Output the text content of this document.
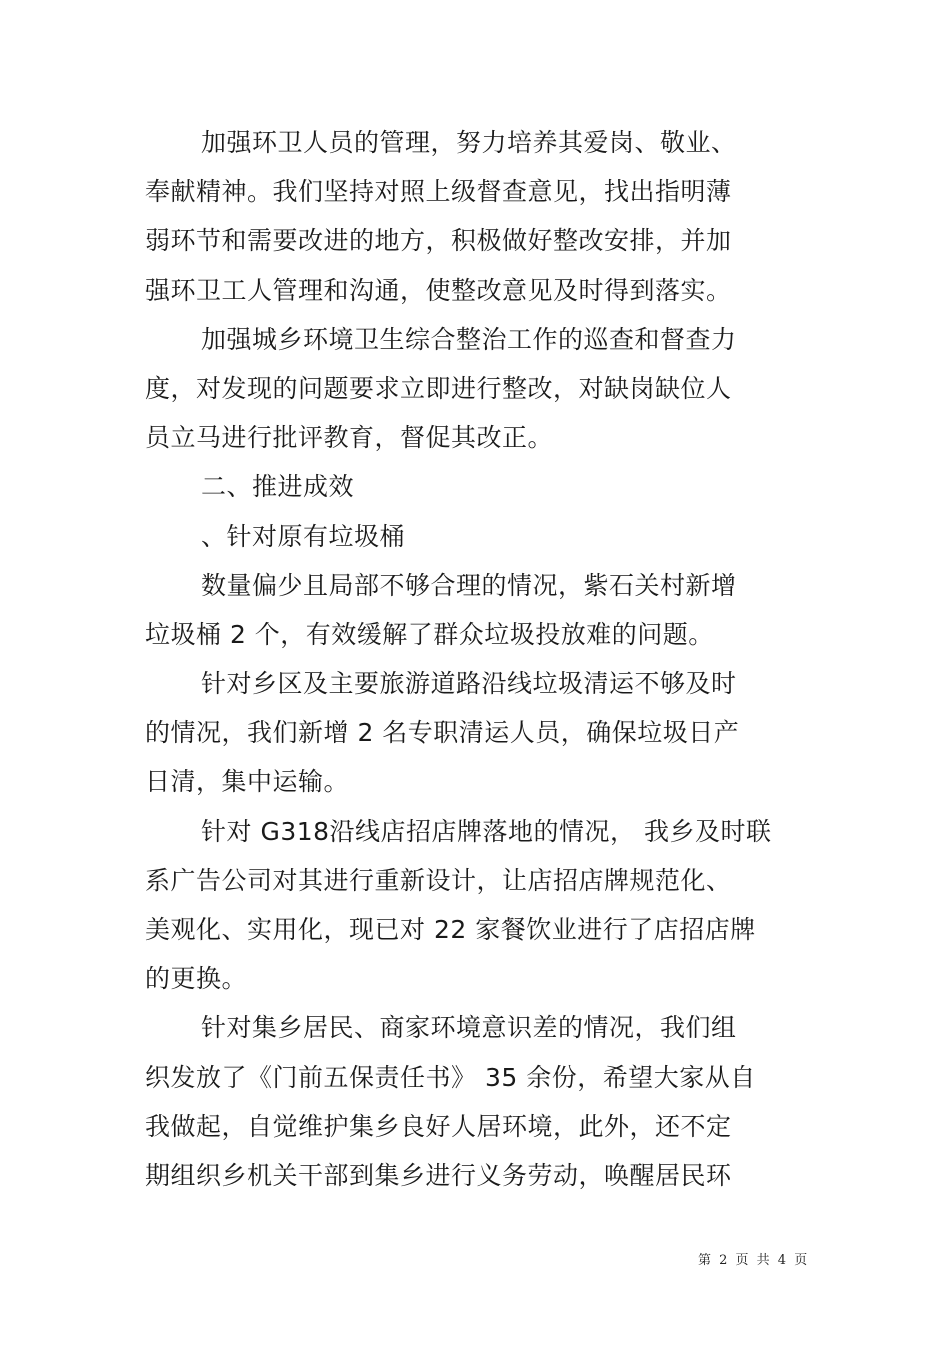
加强环卫人员的管理，努力培养其爱岗、敬业、
奉献精神。我们坚持对照上级督查意见，找出指明薄
弱环节和需要改进的地方，积极做好整改安排，并加
强环卫工人管理和沟通，使整改意见及时得到落实。
加强城乡环境卫生综合整治工作的巡查和督查力
度，对发现的问题要求立即进行整改，对缺岗缺位人
员立马进行批评教育，督促其改正。
二、推进成效
、针对原有垃圾桶
数量偏少且局部不够合理的情况，紫石关村新增
垃圾桶 2 个，有效缓解了群众垃圾投放难的问题。
针对乡区及主要旅游道路沿线垃圾清运不够及时
的情况，我们新增 2 名专职清运人员，确保垃圾日产
日清，集中运输。
针对 G318沿线店招店牌落地的情况， 我乡及时联
系广告公司对其进行重新设计，让店招店牌规范化、
美观化、实用化，现已对 22 家餐饮业进行了店招店牌
的更换。
针对集乡居民、商家环境意识差的情况，我们组
织发放了《门前五保责任书》 35 余份，希望大家从自
我做起，自觉维护集乡良好人居环境，此外，还不定
期组织乡机关干部到集乡进行义务劳动，唤醒居民环
第 2 页 共 4 页
